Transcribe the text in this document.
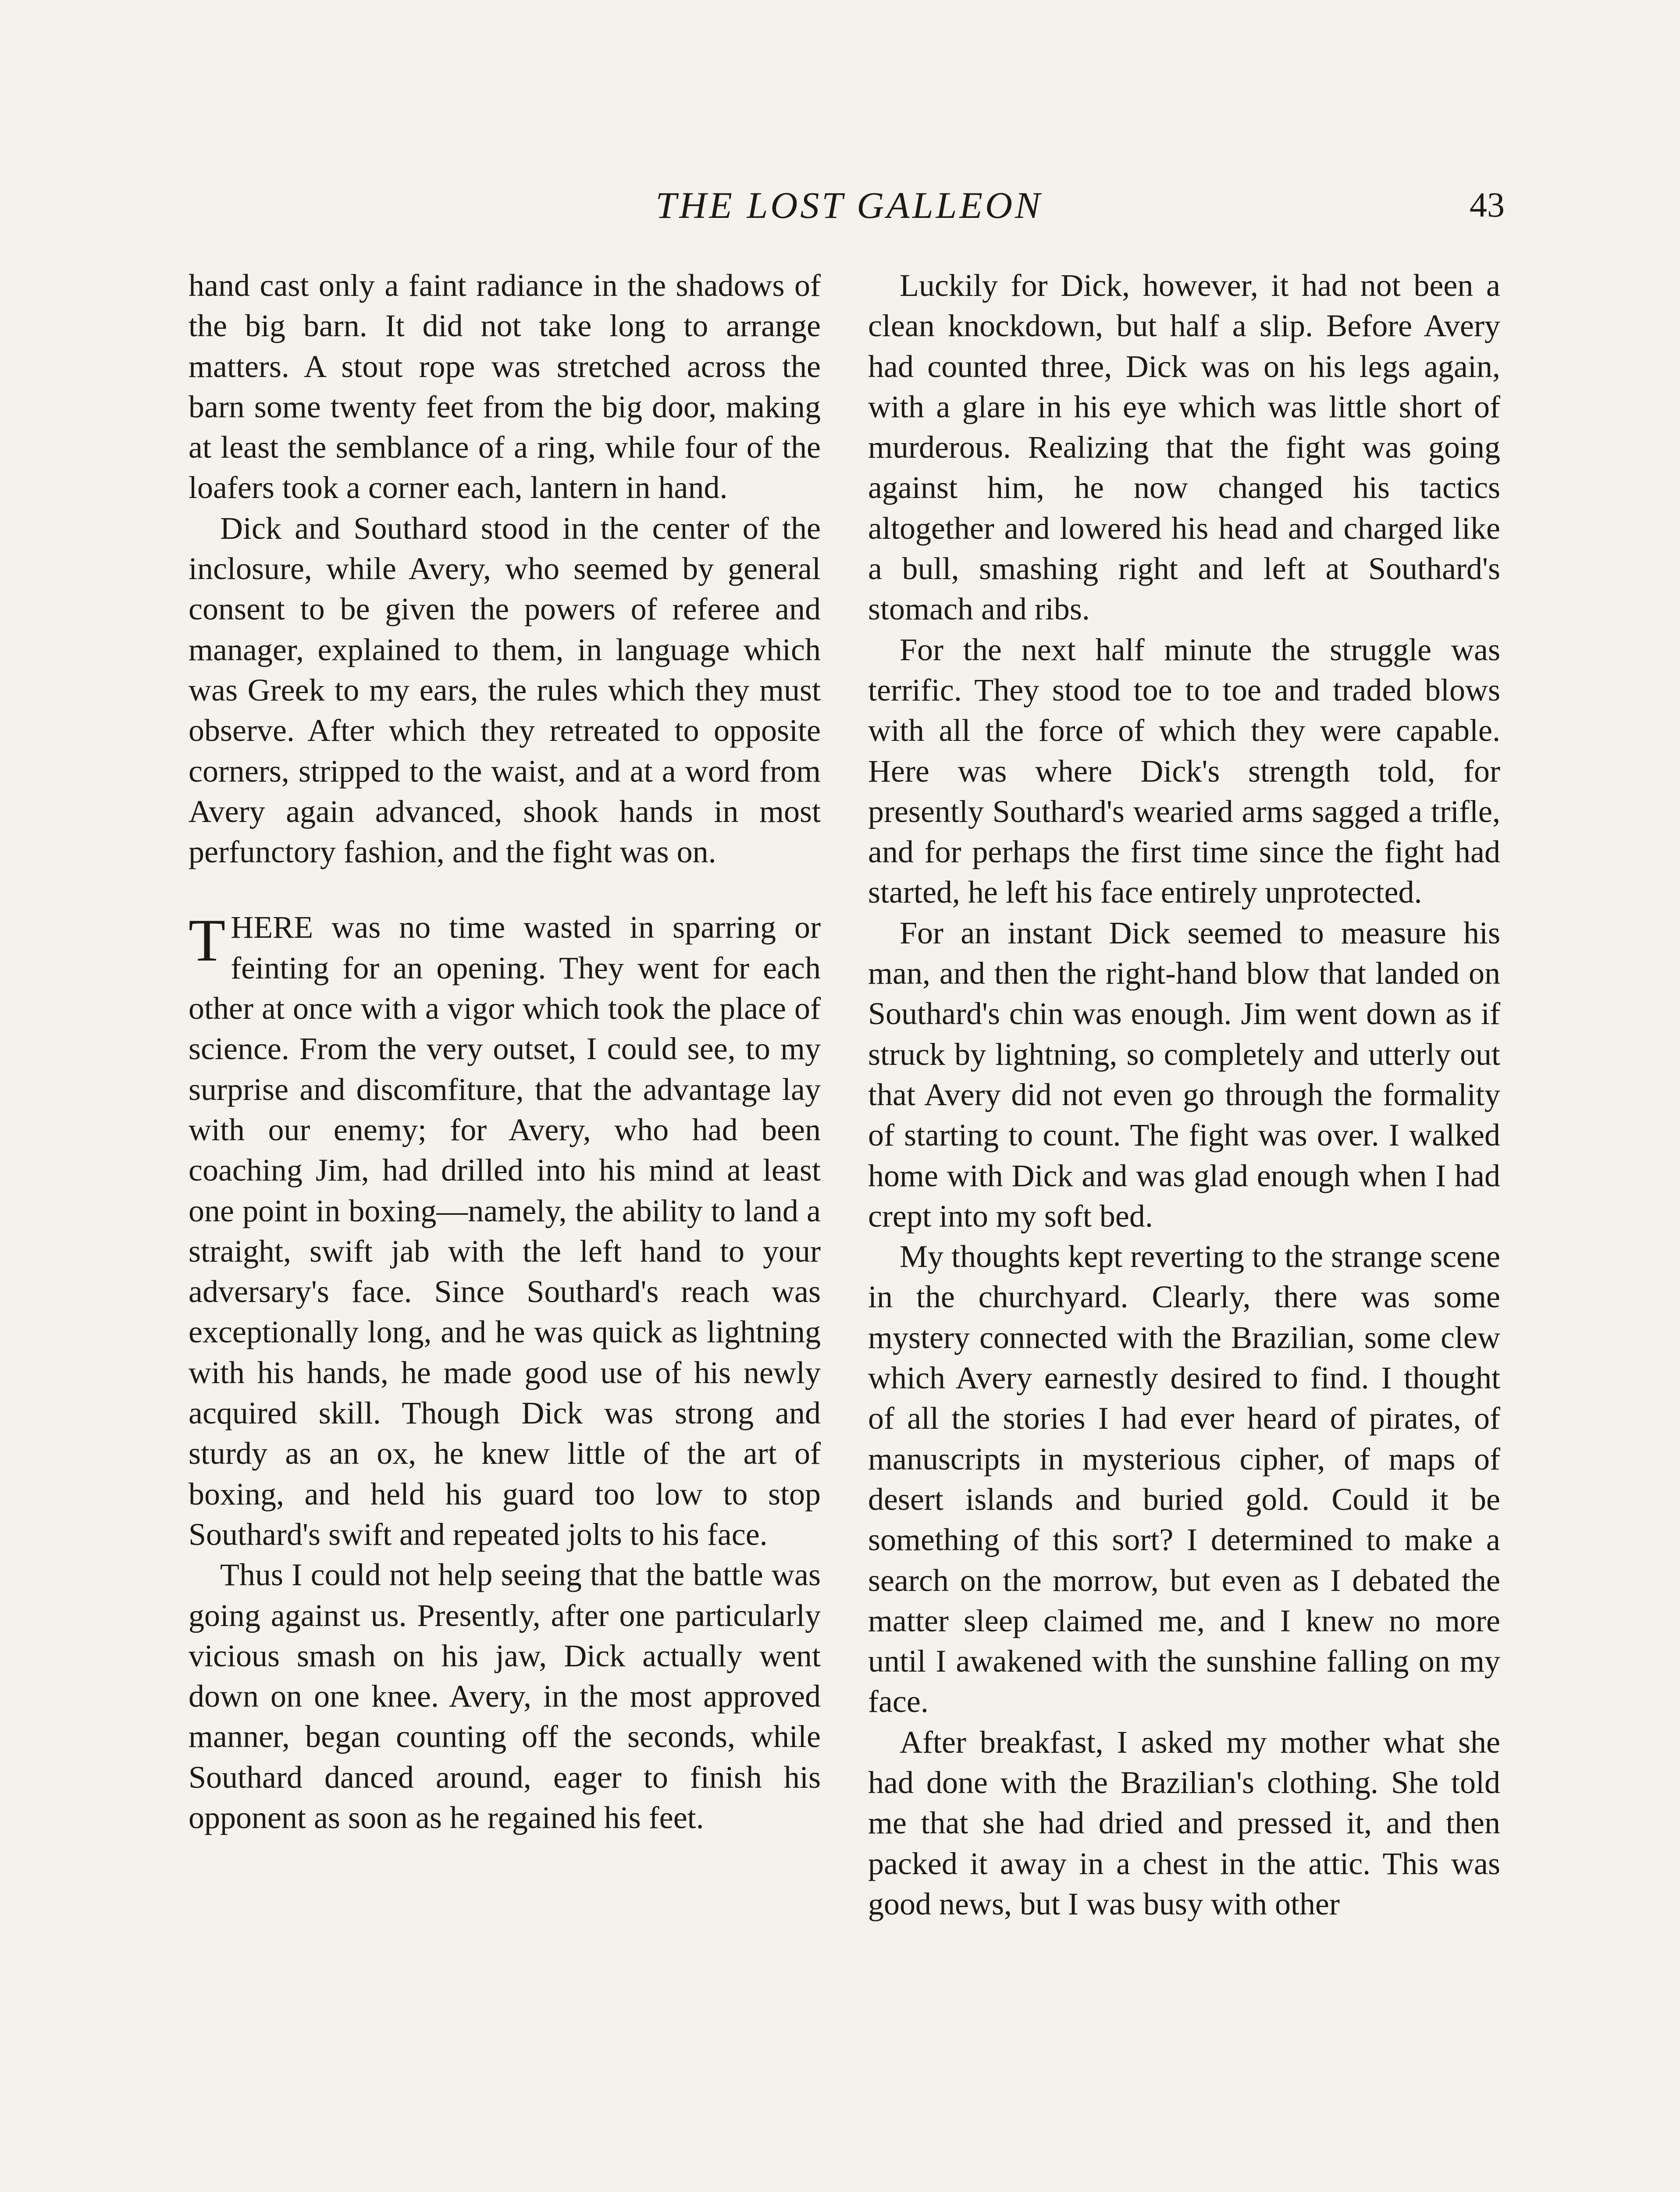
THE LOST GALLEON	43

hand cast only a faint radiance in the shadows of the big barn. It did not take long to arrange matters. A stout rope was stretched across the barn some twenty feet from the big door, making at least the semblance of a ring, while four of the loafers took a corner each, lantern in hand.

Dick and Southard stood in the center of the inclosure, while Avery, who seemed by general consent to be given the powers of referee and manager, explained to them, in language which was Greek to my ears, the rules which they must observe. After which they retreated to opposite corners, stripped to the waist, and at a word from Avery again advanced, shook hands in most perfunctory fashion, and the fight was on.

THERE was no time wasted in sparring or feinting for an opening. They went for each other at once with a vigor which took the place of science. From the very outset, I could see, to my surprise and discomfiture, that the advantage lay with our enemy; for Avery, who had been coaching Jim, had drilled into his mind at least one point in boxing—namely, the ability to land a straight, swift jab with the left hand to your adversary's face. Since Southard's reach was exceptionally long, and he was quick as lightning with his hands, he made good use of his newly acquired skill. Though Dick was strong and sturdy as an ox, he knew little of the art of boxing, and held his guard too low to stop Southard's swift and repeated jolts to his face.

Thus I could not help seeing that the battle was going against us. Presently, after one particularly vicious smash on his jaw, Dick actually went down on one knee. Avery, in the most approved manner, began counting off the seconds, while Southard danced around, eager to finish his opponent as soon as he regained his feet.

Luckily for Dick, however, it had not been a clean knockdown, but half a slip. Before Avery had counted three, Dick was on his legs again, with a glare in his eye which was little short of murderous. Realizing that the fight was going against him, he now changed his tactics altogether and lowered his head and charged like a bull, smashing right and left at Southard's stomach and ribs.

For the next half minute the struggle was terrific. They stood toe to toe and traded blows with all the force of which they were capable. Here was where Dick's strength told, for presently Southard's wearied arms sagged a trifle, and for perhaps the first time since the fight had started, he left his face entirely unprotected.

For an instant Dick seemed to measure his man, and then the right-hand blow that landed on Southard's chin was enough. Jim went down as if struck by lightning, so completely and utterly out that Avery did not even go through the formality of starting to count. The fight was over. I walked home with Dick and was glad enough when I had crept into my soft bed.

My thoughts kept reverting to the strange scene in the churchyard. Clearly, there was some mystery connected with the Brazilian, some clew which Avery earnestly desired to find. I thought of all the stories I had ever heard of pirates, of manuscripts in mysterious cipher, of maps of desert islands and buried gold. Could it be something of this sort? I determined to make a search on the morrow, but even as I debated the matter sleep claimed me, and I knew no more until I awakened with the sunshine falling on my face.

After breakfast, I asked my mother what she had done with the Brazilian's clothing. She told me that she had dried and pressed it, and then packed it away in a chest in the attic. This was good news, but I was busy with other
